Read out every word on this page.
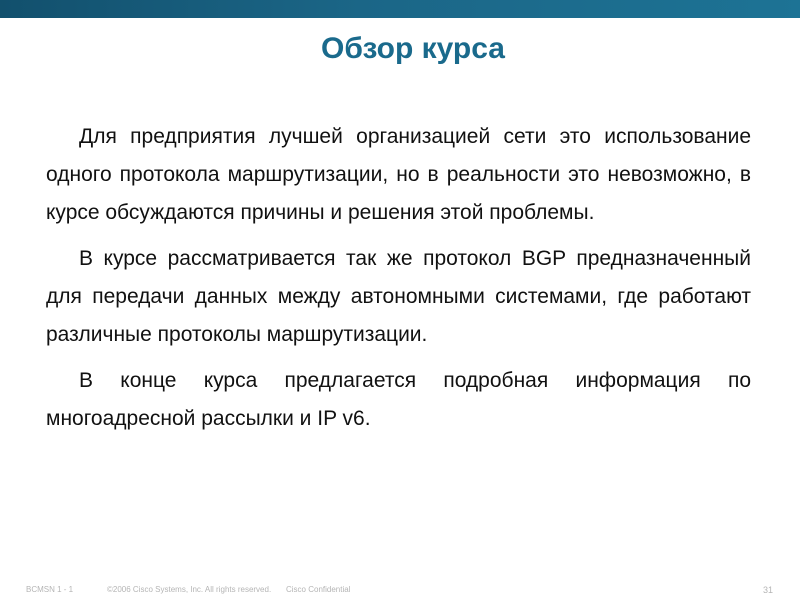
Обзор курса

Для предприятия лучшей организацией сети это использование одного протокола маршрутизации, но в реальности это невозможно, в курсе обсуждаются причины и решения этой проблемы.

В курсе рассматривается так же протокол BGP предназначенный для передачи данных между автономными системами, где работают различные протоколы маршрутизации.

В конце курса предлагается подробная информация по многоадресной рассылки и IP v6.

BCMSN 1 - 1	©2006 Cisco Systems, Inc. All rights reserved. Cisco Confidential	31
